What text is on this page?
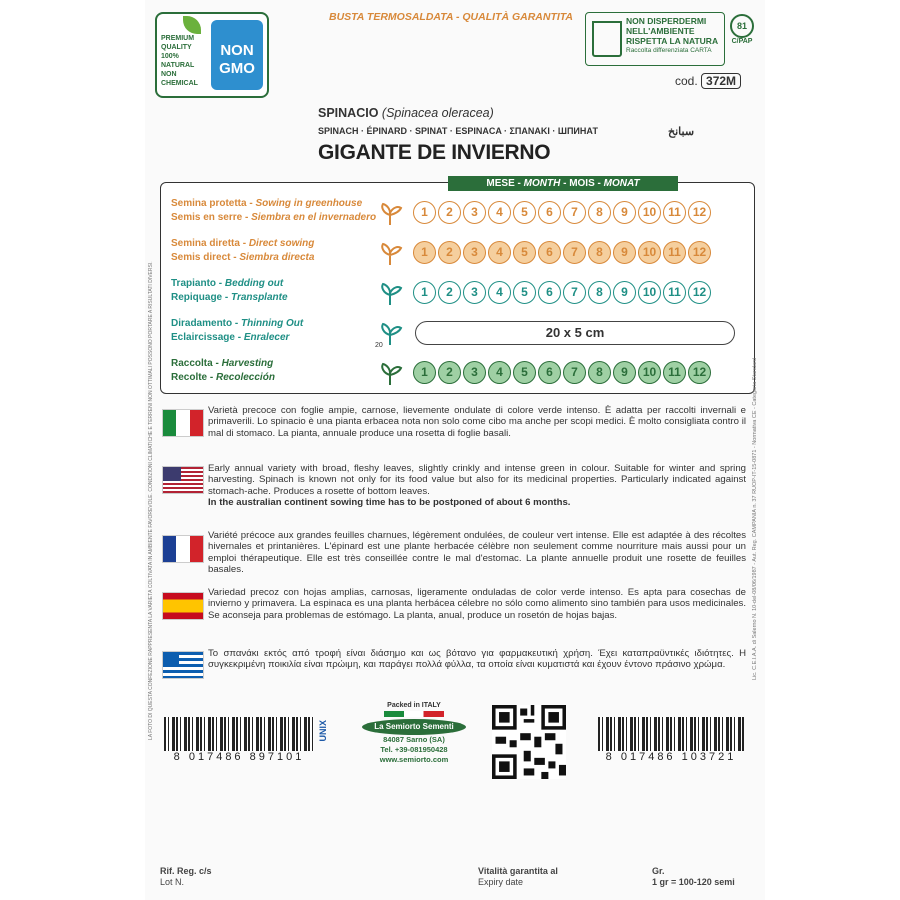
BUSTA TERMOSALDATA - QUALITÀ GARANTITA
PREMIUM QUALITY
100% NATURAL
NON CHEMICAL
NON
GMO
NON DISPERDERMI
NELL'AMBIENTE
RISPETTA LA NATURA
Raccolta differenziata CARTA
81
C/PAP
cod. 372M
SPINACIO (Spinacea oleracea)
SPINACH · ÉPINARD · SPINAT · ESPINACA · ΣΠΑΝΑΚΙ · ШПИНАТ	سبانخ
GIGANTE DE INVIERNO
Semina protetta - Sowing in greenhouse
Semis en serre - Siembra en el invernadero	1	2	3	4	5	6	7	8	9	10 11 12
Semina diretta - Direct sowing
Semis direct - Siembra directa	1	2	3	4	5	6	7	8	9	10 11 12
Trapianto - Bedding out
Repiquage - Transplante	1	2	3	4	5	6	7	8	9	10 11 12
Diradamento - Thinning Out
Eclaircissage - Enralecer
20
20 x 5 cm
Raccolta - Harvesting
Recolte - Recolección	1	2	3	4	5	6	7	8	9	10 11 12
MESE - MONTH - MOIS - MONAT
LA FOTO DI QUESTA CONFEZIONE RAPPRESENTA LA VARIETÀ COLTIVATA IN AMBIENTE FAVOREVOLE. CONDIZIONI CLIMATICHE E TERRENI NON OTTIMALI POSSONO PORTARE A RISULTATI DIVERSI.	Lic. C.E.I.A.A. di Salerno N. 10-del-08/06/1987 - Aut. Reg. CAMPANIA n. 37 RUOP-IT-15-0871 - Normativa CE - Categoria Standard
Varietà precoce con foglie ampie, carnose, lievemente ondulate di colore verde intenso. È adatta per raccolti invernali e primaverili. Lo spinacio è una pianta erbacea nota non solo come cibo ma anche per scopi medici. È molto consigliata contro il mal di stomaco. La pianta, annuale produce una rosetta di foglie basali.
Early annual variety with broad, fleshy leaves, slightly crinkly and intense green in colour. Suitable for winter and spring harvesting. Spinach is known not only for its food value but also for its medicinal properties. Particularly indicated against stomach-ache. Produces a rosette of bottom leaves.
In the australian continent sowing time has to be postponed of about 6 months.
Variété précoce aux grandes feuilles charnues, légèrement ondulées, de couleur vert intense. Elle est adaptée à des récoltes hivernales et printanières. L'épinard est une plante herbacée célèbre non seulement comme nourriture mais aussi pour un emploi thérapeutique. Elle est très conseillée contre le mal d'estomac. La plante annuelle produit une rosette de feuilles basales.
Variedad precoz con hojas amplias, carnosas, ligeramente onduladas de color verde intenso. Es apta para cosechas de invierno y primavera. La espinaca es una planta herbácea célebre no sólo como alimento sino también para usos medicinales. Se aconseja para problemas de estómago. La planta, anual, produce un rosetón de hojas bajas.
Το σπανάκι εκτός από τροφή είναι διάσημο και ως βότανο για φαρμακευτική χρήση. Έχει καταπραϋντικές ιδιότητες. Η συγκεκριμένη ποικιλία είναι πρώιμη, και παράγει πολλά φύλλα, τα οποία είναι κυματιστά και έχουν έντονο πράσινο χρώμα.
8 017486 897101
UNIX
Packed in ITALY
La Semiorto Sementi
84087 Sarno (SA)
Tel. +39-081950428
www.semiorto.com	8 017486 103721
Rif. Reg. c/s
Lot N.
Vitalità garantita al
Expiry date
Gr.
1 gr = 100-120 semi
